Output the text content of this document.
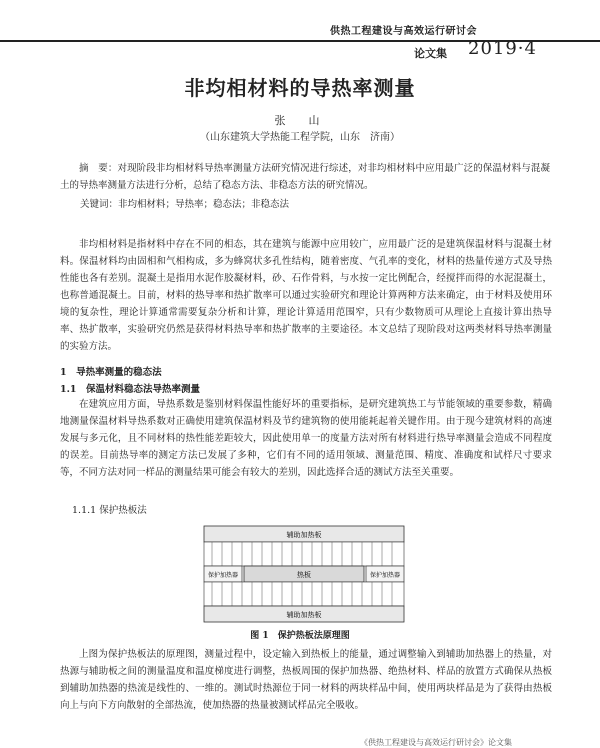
供热工程建设与高效运行研讨会
论文集 2019·4
非均相材料的导热率测量
张　山
（山东建筑大学热能工程学院，山东　济南）
摘　要：对现阶段非均相材料导热率测量方法研究情况进行综述，对非均相材料中应用最广泛的保温材料与混凝土的导热率测量方法进行分析，总结了稳态方法、非稳态方法的研究情况。
关键词：非均相材料；导热率；稳态法；非稳态法
非均相材料是指材料中存在不同的相态，其在建筑与能源中应用较广，应用最广泛的是建筑保温材料与混凝土材料。保温材料均由固相和气相构成，多为蜂窝状多孔性结构，随着密度、气孔率的变化，材料的热量传递方式及导热性能也各有差别。混凝土是指用水泥作胶凝材料，砂、石作骨料，与水按一定比例配合，经搅拌而得的水泥混凝土，也称普通混凝土。目前，材料的热导率和热扩散率可以通过实验研究和理论计算两种方法来确定，由于材料及使用环境的复杂性，理论计算通常需要复杂分析和计算，理论计算适用范围窄，只有少数物质可从理论上直接计算出热导率、热扩散率，实验研究仍然是获得材料热导率和热扩散率的主要途径。本文总结了现阶段对这两类材料导热率测量的实验方法。
1　导热率测量的稳态法
1.1　保温材料稳态法导热率测量
在建筑应用方面，导热系数是鉴别材料保温性能好坏的重要指标，是研究建筑热工与节能领域的重要参数，精确地测量保温材料导热系数对正确使用建筑保温材料及节约建筑物的使用能耗起着关键作用。由于现今建筑材料的高速发展与多元化，且不同材料的热性能差距较大，因此使用单一的度量方法对所有材料进行热导率测量会造成不同程度的误差。目前热导率的测定方法已发展了多种，它们有不同的适用领域、测量范围、精度、准确度和试样尺寸要求等，不同方法对同一样品的测量结果可能会有较大的差别，因此选择合适的测试方法至关重要。
1.1.1 保护热板法
辅助加热板
保护加热器	热板	保护加热器
辅助加热板
图 1　保护热板法原理图
上图为保护热板法的原理图，测量过程中，设定输入到热板上的能量，通过调整输入到辅助加热器上的热量，对热源与辅助板之间的测量温度和温度梯度进行调整，热板周围的保护加热器、绝热材料、样品的放置方式确保从热板到辅助加热器的热流是线性的、一维的。测试时热源位于同一材料的两块样品中间，使用两块样品是为了获得由热板向上与向下方向散射的全部热流，使加热器的热量被测试样品完全吸收。
《供热工程建设与高效运行研讨会》论文集
